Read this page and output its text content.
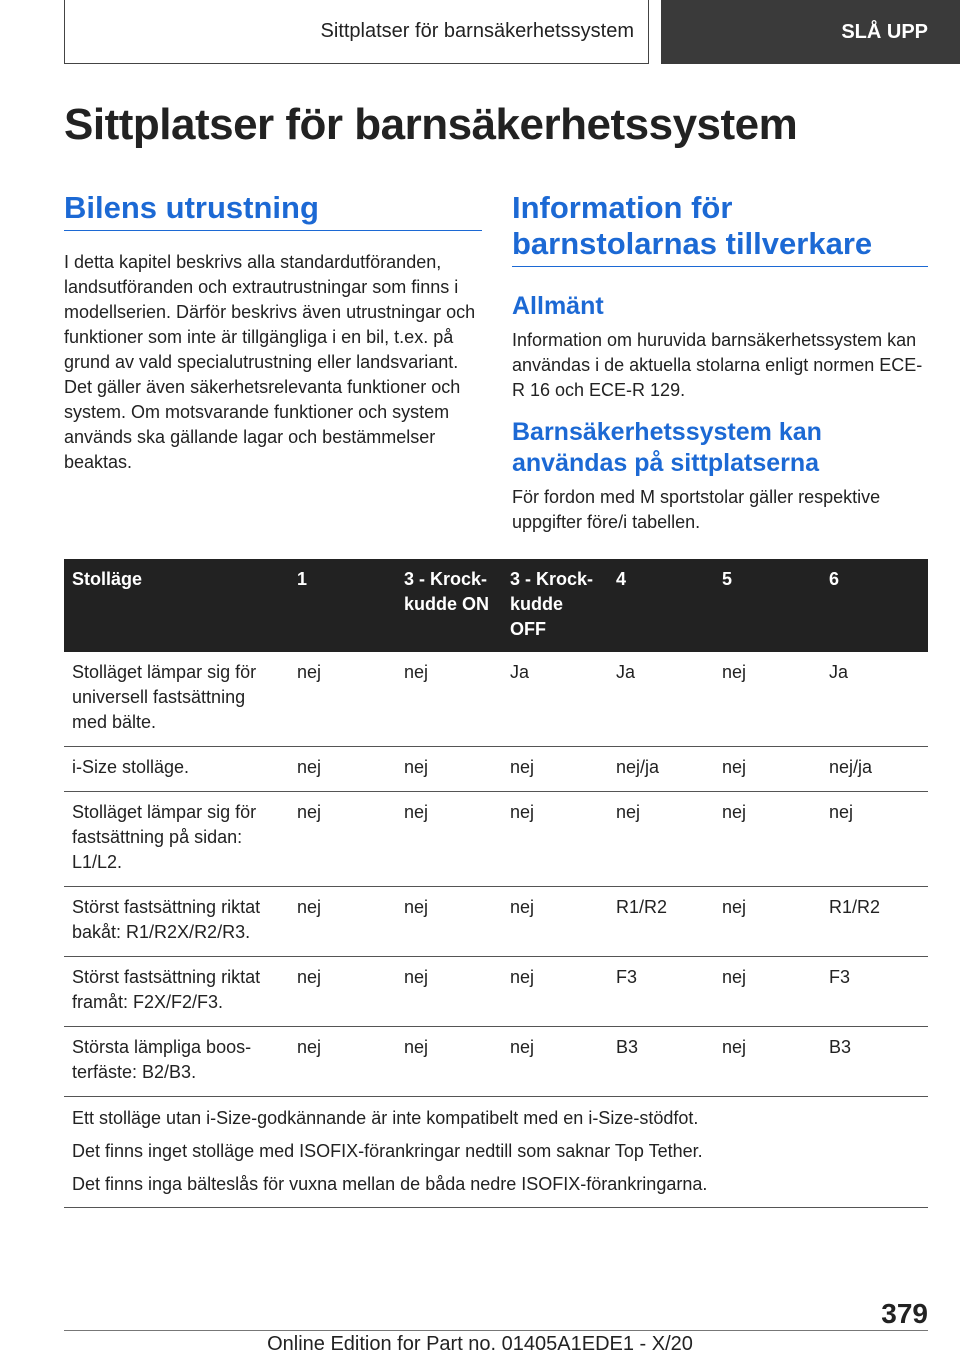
Sittplatser för barnsäkerhetssystem	SLÅ UPP
Sittplatser för barnsäkerhetssystem
Bilens utrustning

I detta kapitel beskrivs alla standardutföranden, landsutföranden och extrautrustningar som finns i modellserien. Därför beskrivs även utrustningar och funktioner som inte är tillgängliga i en bil, t.ex. på grund av vald specialutrustning eller landsvariant. Det gäller även säkerhetsrelevanta funktioner och system. Om motsvarande funktioner och system används ska gällande lagar och bestämmelser beaktas.

Information för barnstolarnas tillverkare
Allmänt

Information om huruvida barnsäkerhetssystem kan användas i de aktuella stolarna enligt normen ECE-R 16 och ECE-R 129.

Barnsäkerhetssystem kan användas på sittplatserna

För fordon med M sportstolar gäller respektive uppgifter före/i tabellen.

Stolläge	1	3 - Krockkudde ON	3 - Krockkudde OFF	4	5	6
Stolläget lämpar sig för universell fastsättning med bälte.	nej	nej	Ja	Ja	nej	Ja
i-Size stolläge.	nej	nej	nej	nej/ja	nej	nej/ja
Stolläget lämpar sig för fastsättning på sidan: L1/L2.	nej	nej	nej	nej	nej	nej
Störst fastsättning riktat bakåt: R1/R2X/R2/R3.	nej	nej	nej	R1/R2	nej	R1/R2
Störst fastsättning riktat framåt: F2X/F2/F3.	nej	nej	nej	F3	nej	F3
Största lämpliga boosterfäste: B2/B3.	nej	nej	nej	B3	nej	B3

Ett stolläge utan i-Size-godkännande är inte kompatibelt med en i-Size-stödfot.

Det finns inget stolläge med ISOFIX-förankringar nedtill som saknar Top Tether.

Det finns inga bälteslås för vuxna mellan de båda nedre ISOFIX-förankringarna.						

379
Online Edition for Part no. 01405A1EDE1 - X/20
